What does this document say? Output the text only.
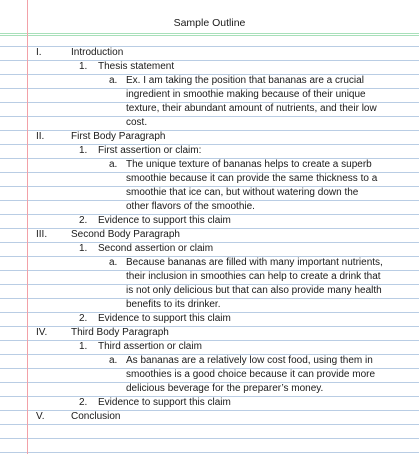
Sample Outline
I.	Introduction
1. Thesis statement
a. Ex. I am taking the position that bananas are a crucial
ingredient in smoothie making because of their unique
texture, their abundant amount of nutrients, and their low
cost.
II.	First Body Paragraph
1. First assertion or claim:
a. The unique texture of bananas helps to create a superb
smoothie because it can provide the same thickness to a
smoothie that ice can, but without watering down the
other flavors of the smoothie.
2. Evidence to support this claim
III. Second Body Paragraph
1. Second assertion or claim
a. Because bananas are filled with many important nutrients,
their inclusion in smoothies can help to create a drink that
is not only delicious but that can also provide many health
benefits to its drinker.
2. Evidence to support this claim
IV. Third Body Paragraph
1. Third assertion or claim
a. As bananas are a relatively low cost food, using them in
smoothies is a good choice because it can provide more
delicious beverage for the preparer’s money.
2. Evidence to support this claim
V.	Conclusion
